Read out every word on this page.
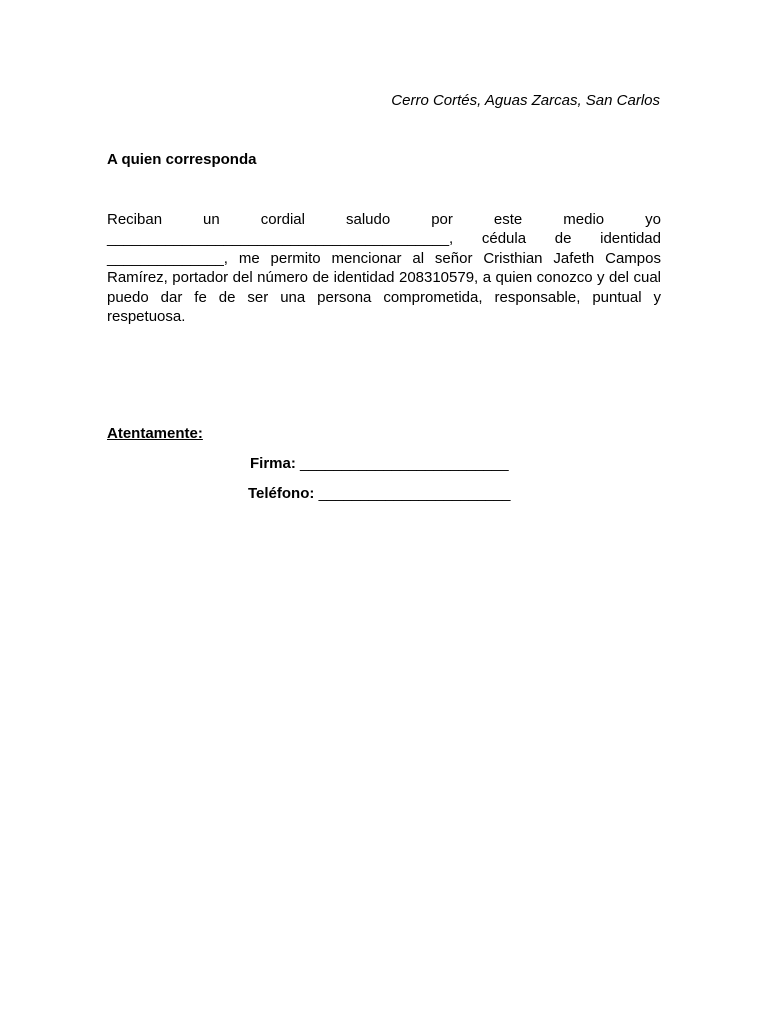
Cerro Cortés, Aguas Zarcas, San Carlos
A quien corresponda

Reciban un cordial saludo por este medio yo
_________________________________________, cédula de identidad
______________, me permito mencionar al señor Cristhian Jafeth Campos
Ramírez, portador del número de identidad 208310579, a quien conozco y del cual
puedo dar fe de ser una persona comprometida, responsable, puntual y
respetuosa.

Atentamente:
Firma: _________________________
Teléfono: _______________________
